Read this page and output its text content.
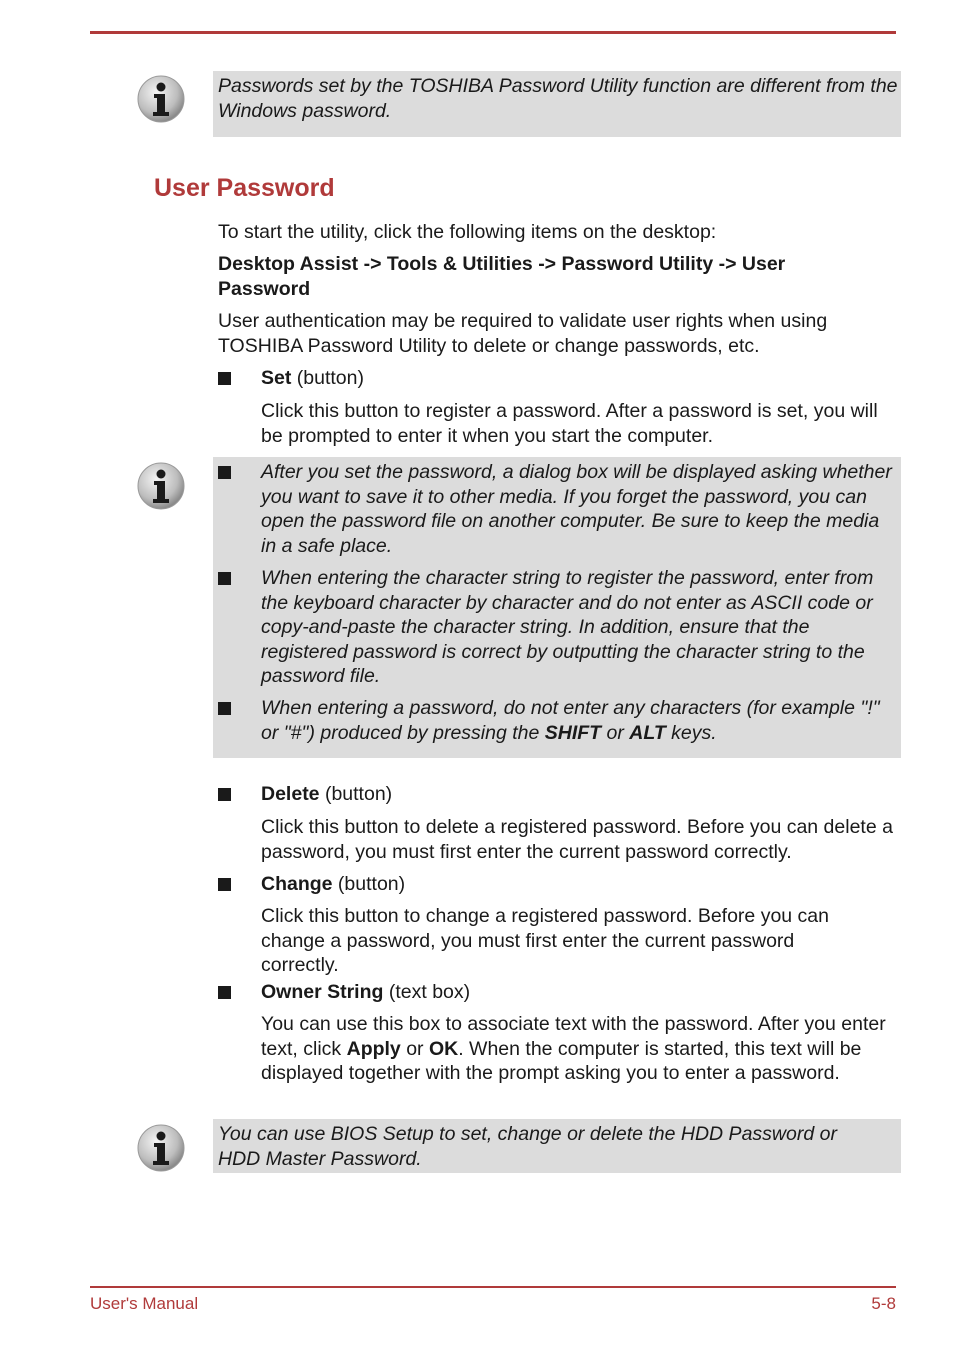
Passwords set by the TOSHIBA Password Utility function are different from the Windows password.
User Password

To start the utility, click the following items on the desktop:

Desktop Assist -> Tools & Utilities -> Password Utility -> User Password

User authentication may be required to validate user rights when using TOSHIBA Password Utility to delete or change passwords, etc.

Set (button)
Click this button to register a password. After a password is set, you will be prompted to enter it when you start the computer.
After you set the password, a dialog box will be displayed asking whether you want to save it to other media. If you forget the password, you can open the password file on another computer. Be sure to keep the media in a safe place.
When entering the character string to register the password, enter from the keyboard character by character and do not enter as ASCII code or copy-and-paste the character string. In addition, ensure that the registered password is correct by outputting the character string to the password file.
When entering a password, do not enter any characters (for example "!" or "#") produced by pressing the SHIFT or ALT keys.
Delete (button)
Click this button to delete a registered password. Before you can delete a password, you must first enter the current password correctly.
Change (button)
Click this button to change a registered password. Before you can change a password, you must first enter the current password correctly.
Owner String (text box)
You can use this box to associate text with the password. After you enter text, click Apply or OK. When the computer is started, this text will be displayed together with the prompt asking you to enter a password.
You can use BIOS Setup to set, change or delete the HDD Password or HDD Master Password.
User's Manual	5-8
